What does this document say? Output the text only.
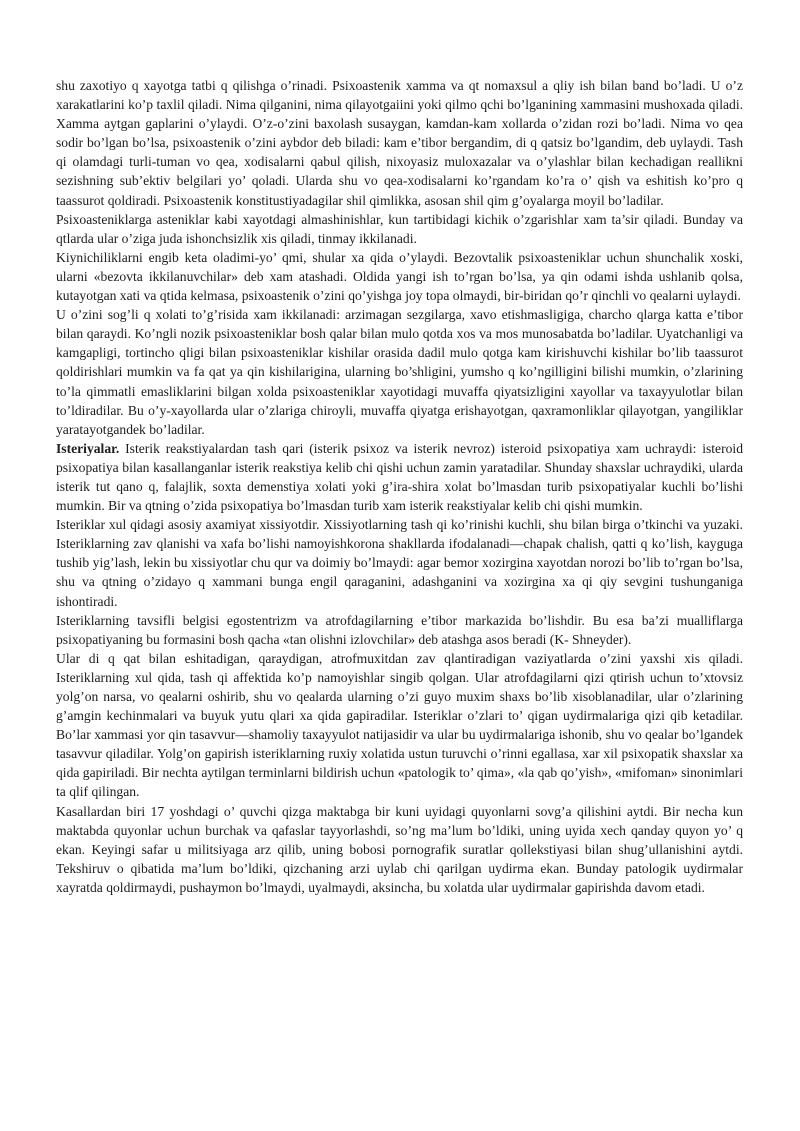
shu zaxotiyo q xayotga tatbi q qilishga o’rinadi. Psixoastenik xamma va qt nomaxsul a qliy ish bilan band bo’ladi. U o’z xarakatlarini ko’p taxlil qiladi. Nima qilganini, nima qilayotgaiini yoki qilmo qchi bo’lganining xammasini mushoxada qiladi. Xamma aytgan gaplarini o’ylaydi. O’z-o’zini baxolash susaygan, kamdan-kam xollarda o’zidan rozi bo’ladi. Nima vo qea sodir bo’lgan bo’lsa, psixoastenik o’zini aybdor deb biladi: kam e’tibor bergandim, di q qatsiz bo’lgandim, deb uylaydi. Tash qi olamdagi turli-tuman vo qea, xodisalarni qabul qilish, nixoyasiz muloxazalar va o’ylashlar bilan kechadigan reallikni sezishning sub’ektiv belgilari yo’ qoladi. Ularda shu vo qea-xodisalarni ko’rgandam ko’ra o’ qish va eshitish ko’pro q taassurot qoldiradi. Psixoastenik konstitustiyadagilar shil qimlikka, asosan shil qim g’oyalarga moyil bo’ladilar.

Psixoasteniklarga asteniklar kabi xayotdagi almashinishlar, kun tartibidagi kichik o’zgarishlar xam ta’sir qiladi. Bunday va qtlarda ular o’ziga juda ishonchsizlik xis qiladi, tinmay ikkilanadi.

Kiynichiliklarni engib keta oladimi-yo’ qmi, shular xa qida o’ylaydi. Bezovtalik psixoasteniklar uchun shunchalik xoski, ularni «bezovta ikkilanuvchilar» deb xam atashadi. Oldida yangi ish to’rgan bo’lsa, ya qin odami ishda ushlanib qolsa, kutayotgan xati va qtida kelmasa, psixoastenik o’zini qo’yishga joy topa olmaydi, bir-biridan qo’r qinchli vo qealarni uylaydi.

U o’zini sog’li q xolati to’g’risida xam ikkilanadi: arzimagan sezgilarga, xavo etishmasligiga, charcho qlarga katta e’tibor bilan qaraydi. Ko’ngli nozik psixoasteniklar bosh qalar bilan mulo qotda xos va mos munosabatda bo’ladilar. Uyatchanligi va kamgapligi, tortincho qligi bilan psixoasteniklar kishilar orasida dadil mulo qotga kam kirishuvchi kishilar bo’lib taassurot qoldirishlari mumkin va fa qat ya qin kishilarigina, ularning bo’shligini, yumsho q ko’ngilligini bilishi mumkin, o’zlarining to’la qimmatli emasliklarini bilgan xolda psixoasteniklar xayotidagi muvaffa qiyatsizligini xayollar va taxayyulotlar bilan to’ldiradilar. Bu o’y-xayollarda ular o’zlariga chiroyli, muvaffa qiyatga erishayotgan, qaxramonliklar qilayotgan, yangiliklar yaratayotgandek bo’ladilar.

Isteriyalar. Isterik reakstiyalardan tash qari (isterik psixoz va isterik nevroz) isteroid psixopatiya xam uchraydi: isteroid psixopatiya bilan kasallanganlar isterik reakstiya kelib chi qishi uchun zamin yaratadilar. Shunday shaxslar uchraydiki, ularda isterik tut qano q, falajlik, soxta demenstiya xolati yoki g’ira-shira xolat bo’lmasdan turib psixopatiyalar kuchli bo’lishi mumkin. Bir va qtning o’zida psixopatiya bo’lmasdan turib xam isterik reakstiyalar kelib chi qishi mumkin.

Isteriklar xul qidagi asosiy axamiyat xissiyotdir. Xissiyotlarning tash qi ko’rinishi kuchli, shu bilan birga o’tkinchi va yuzaki. Isteriklarning zav qlanishi va xafa bo’lishi namoyishkorona shakllarda ifodalanadi—chapak chalish, qatti q ko’lish, kayguga tushib yig’lash, lekin bu xissiyotlar chu qur va doimiy bo’lmaydi: agar bemor xozirgina xayotdan norozi bo’lib to’rgan bo’lsa, shu va qtning o’zidayo q xammani bunga engil qaraganini, adashganini va xozirgina xa qi qiy sevgini tushunganiga ishontiradi.

Isteriklarning tavsifli belgisi egostentrizm va atrofdagilarning e’tibor markazida bo’lishdir. Bu esa ba’zi mualliflarga psixopatiyaning bu formasini bosh qacha «tan olishni izlovchilar» deb atashga asos beradi (K- Shneyder).

Ular di q qat bilan eshitadigan, qaraydigan, atrofmuxitdan zav qlantiradigan vaziyatlarda o’zini yaxshi xis qiladi. Isteriklarning xul qida, tash qi affektida ko’p namoyishlar singib qolgan. Ular atrofdagilarni qizi qtirish uchun to’xtovsiz yolg’on narsa, vo qealarni oshirib, shu vo qealarda ularning o’zi guyo muxim shaxs bo’lib xisoblanadilar, ular o’zlarining g’amgin kechinmalari va buyuk yutu qlari xa qida gapiradilar. Isteriklar o’zlari to’ qigan uydirmalariga qizi qib ketadilar. Bo’lar xammasi yor qin tasavvur—shamoliy taxayyulot natijasidir va ular bu uydirmalariga ishonib, shu vo qealar bo’lgandek tasavvur qiladilar. Yolg’on gapirish isteriklarning ruxiy xolatida ustun turuvchi o’rinni egallasa, xar xil psixopatik shaxslar xa qida gapiriladi. Bir nechta aytilgan terminlarni bildirish uchun «patologik to’ qima», «la qab qo’yish», «mifoman» sinonimlari ta qlif qilingan.

Kasallardan biri 17 yoshdagi o’ quvchi qizga maktabga bir kuni uyidagi quyonlarni sovg’a qilishini aytdi. Bir necha kun maktabda quyonlar uchun burchak va qafaslar tayyorlashdi, so’ng ma’lum bo’ldiki, uning uyida xech qanday quyon yo’ q ekan. Keyingi safar u militsiyaga arz qilib, uning bobosi pornografik suratlar qollekstiyasi bilan shug’ullanishini aytdi. Tekshiruv o qibatida ma’lum bo’ldiki, qizchaning arzi uylab chi qarilgan uydirma ekan. Bunday patologik uydirmalar xayratda qoldirmaydi, pushaymon bo’lmaydi, uyalmaydi, aksincha, bu xolatda ular uydirmalar gapirishda davom etadi.
